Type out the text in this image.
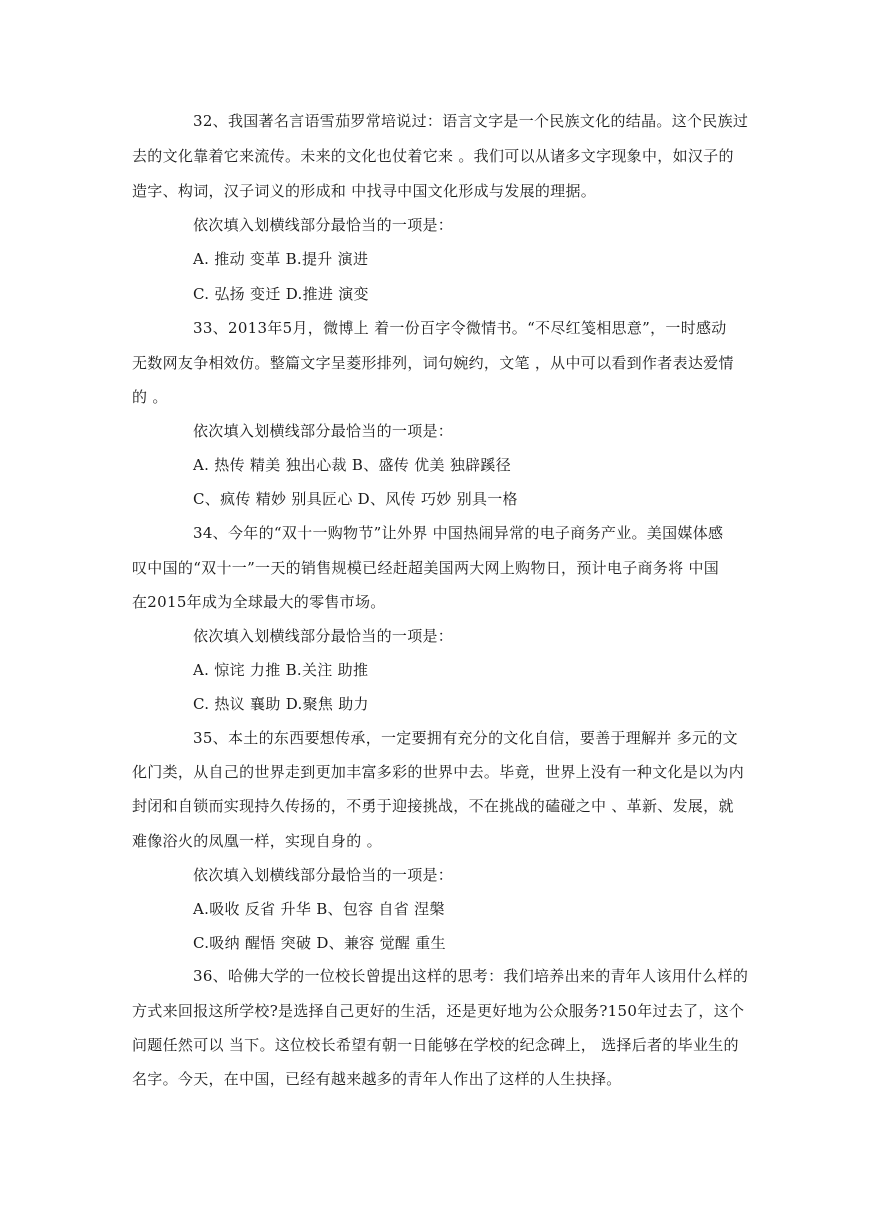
32、我国著名言语雪茄罗常培说过：语言文字是一个民族文化的结晶。这个民族过
去的文化靠着它来流传。未来的文化也仗着它来 。我们可以从诸多文字现象中，如汉子的
造字、构词，汉子词义的形成和 中找寻中国文化形成与发展的理据。
依次填入划横线部分最恰当的一项是：
A. 推动 变革 B.提升 演进
C. 弘扬 变迁 D.推进 演变
33、2013年5月，微博上 着一份百字令微情书。“不尽红笺相思意”，一时感动
无数网友争相效仿。整篇文字呈菱形排列，词句婉约，文笔 ，从中可以看到作者表达爱情
的 。
依次填入划横线部分最恰当的一项是：
A. 热传 精美 独出心裁 B、盛传 优美 独辟蹊径
C、疯传 精妙 别具匠心 D、风传 巧妙 别具一格
34、今年的“双十一购物节”让外界 中国热闹异常的电子商务产业。美国媒体感
叹中国的“双十一”一天的销售规模已经赶超美国两大网上购物日，预计电子商务将 中国
在2015年成为全球最大的零售市场。
依次填入划横线部分最恰当的一项是：
A. 惊诧 力推 B.关注 助推
C. 热议 襄助 D.聚焦 助力
35、本土的东西要想传承，一定要拥有充分的文化自信，要善于理解并 多元的文
化门类，从自己的世界走到更加丰富多彩的世界中去。毕竟，世界上没有一种文化是以为内
封闭和自锁而实现持久传扬的，不勇于迎接挑战，不在挑战的磕碰之中 、革新、发展，就
难像浴火的凤凰一样，实现自身的 。
依次填入划横线部分最恰当的一项是：
A.吸收 反省 升华 B、包容 自省 涅槃
C.吸纳 醒悟 突破 D、兼容 觉醒 重生
36、哈佛大学的一位校长曾提出这样的思考：我们培养出来的青年人该用什么样的
方式来回报这所学校?是选择自己更好的生活，还是更好地为公众服务?150年过去了，这个
问题任然可以 当下。这位校长希望有朝一日能够在学校的纪念碑上， 选择后者的毕业生的
名字。今天，在中国，已经有越来越多的青年人作出了这样的人生抉择。
